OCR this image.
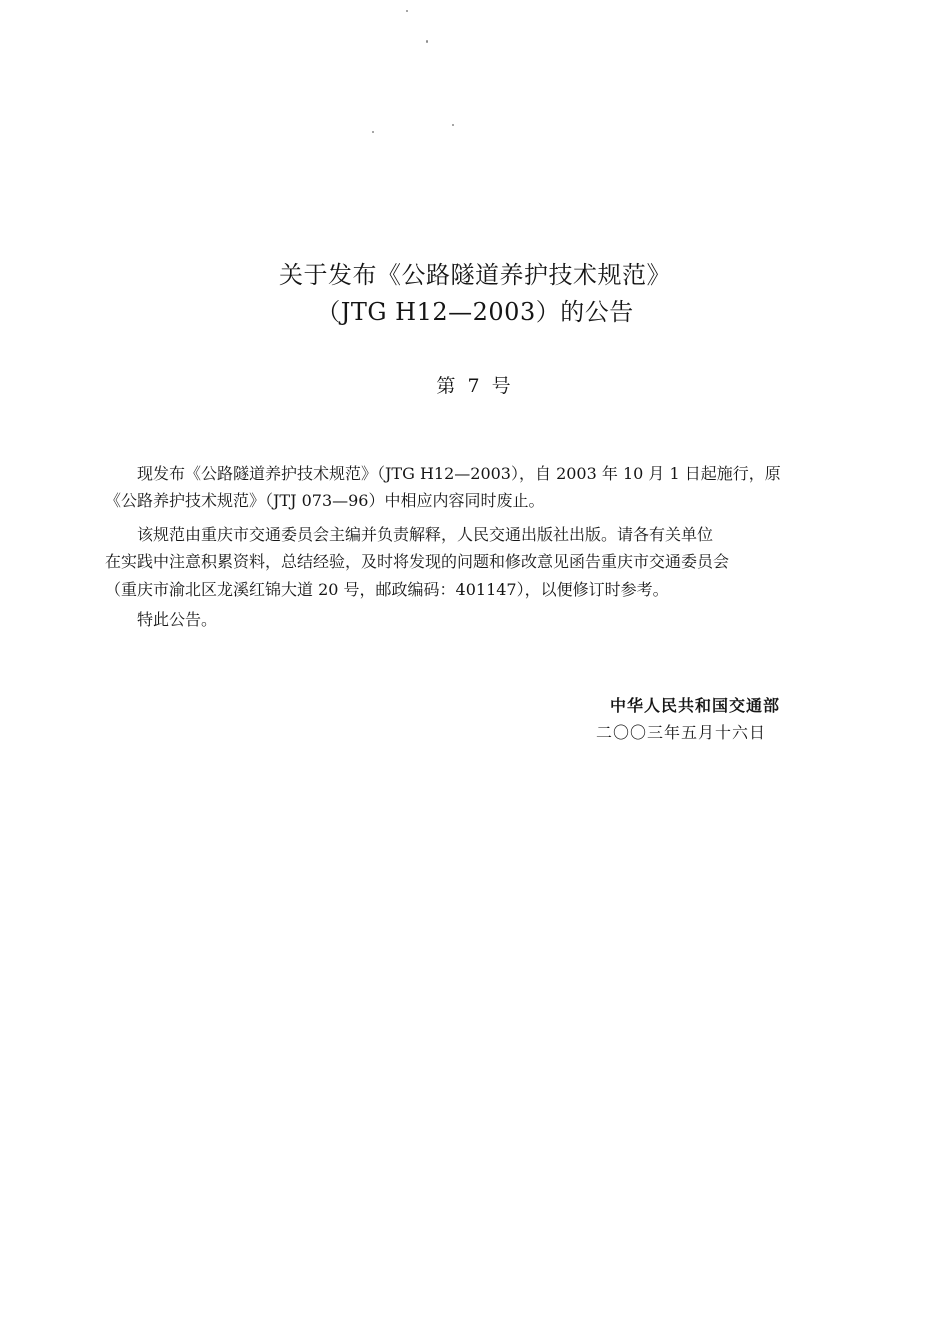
关于发布《公路隧道养护技术规范》
（JTG H12—2003）的公告
第 7 号
现发布《公路隧道养护技术规范》（JTG H12—2003），自 2003 年 10 月 1 日起施行，原
《公路养护技术规范》（JTJ 073—96）中相应内容同时废止。
该规范由重庆市交通委员会主编并负责解释，人民交通出版社出版。请各有关单位
在实践中注意积累资料，总结经验，及时将发现的问题和修改意见函告重庆市交通委员会
（重庆市渝北区龙溪红锦大道 20 号，邮政编码：401147），以便修订时参考。
特此公告。
中华人民共和国交通部
二〇〇三年五月十六日
